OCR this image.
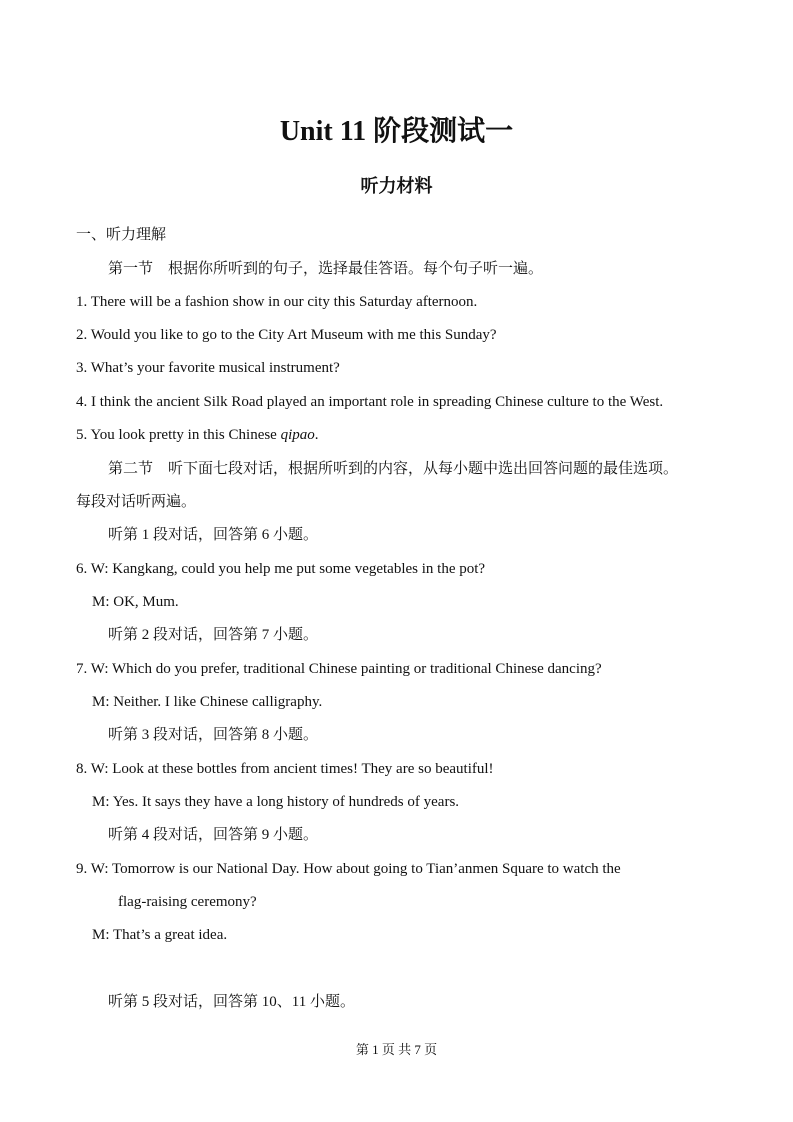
Unit 11 阶段测试一
听力材料
一、听力理解
第一节　根据你所听到的句子，选择最佳答语。每个句子听一遍。
1. There will be a fashion show in our city this Saturday afternoon.
2. Would you like to go to the City Art Museum with me this Sunday?
3. What’s your favorite musical instrument?
4. I think the ancient Silk Road played an important role in spreading Chinese culture to the West.
5. You look pretty in this Chinese qipao.
第二节　听下面七段对话，根据所听到的内容，从每小题中选出回答问题的最佳选项。
每段对话听两遍。
听第 1 段对话，回答第 6 小题。
6. W: Kangkang, could you help me put some vegetables in the pot?
M: OK, Mum.
听第 2 段对话，回答第 7 小题。
7. W: Which do you prefer, traditional Chinese painting or traditional Chinese dancing?
M: Neither. I like Chinese calligraphy.
听第 3 段对话，回答第 8 小题。
8. W: Look at these bottles from ancient times! They are so beautiful!
M: Yes. It says they have a long history of hundreds of years.
听第 4 段对话，回答第 9 小题。
9. W: Tomorrow is our National Day. How about going to Tian’anmen Square to watch the
flag-raising ceremony?
M: That’s a great idea.
听第 5 段对话，回答第 10、11 小题。
第 1 页 共 7 页
